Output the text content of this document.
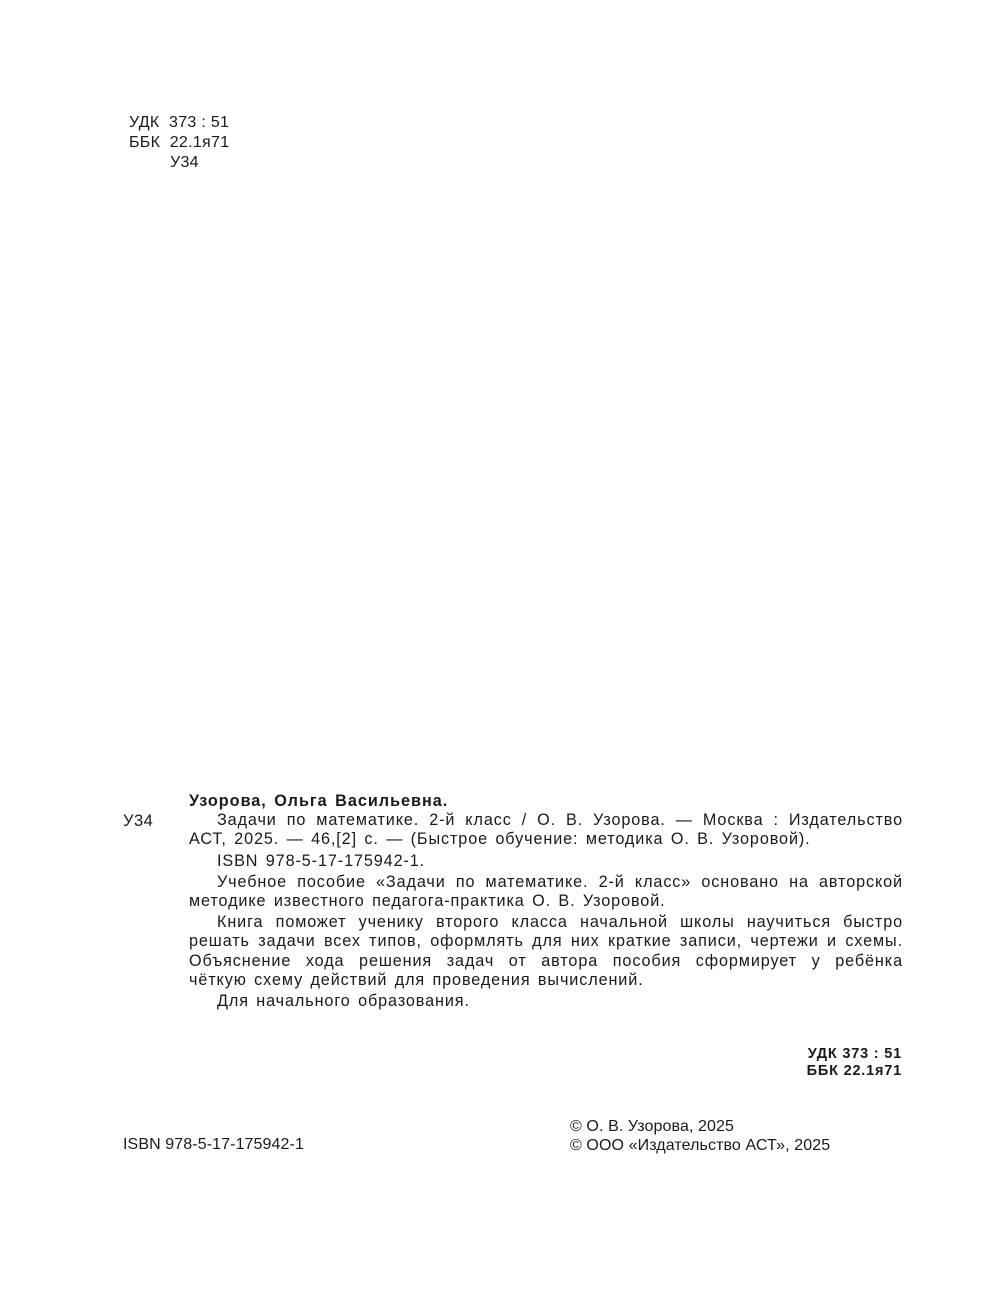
УДК  373 : 51
ББК  22.1я71
У34
У34

Узорова, Ольга Васильевна.

Задачи по математике. 2-й класс / О. В. Узорова. — Москва : Издательство АСТ, 2025. — 46,[2] с. — (Быстрое обучение: методика О. В. Узоровой).

ISBN 978-5-17-175942-1.

Учебное пособие «Задачи по математике. 2-й класс» основано на авторской методике известного педагога-практика О. В. Узоровой.

Книга поможет ученику второго класса начальной школы научиться быстро решать задачи всех типов, оформлять для них краткие записи, чертежи и схемы. Объяснение хода решения задач от автора пособия сформирует у ребёнка чёткую схему действий для проведения вычислений.

Для начального образования.

УДК 373 : 51
ББК 22.1я71
ISBN 978-5-17-175942-1
© О. В. Узорова, 2025
© ООО «Издательство АСТ», 2025
